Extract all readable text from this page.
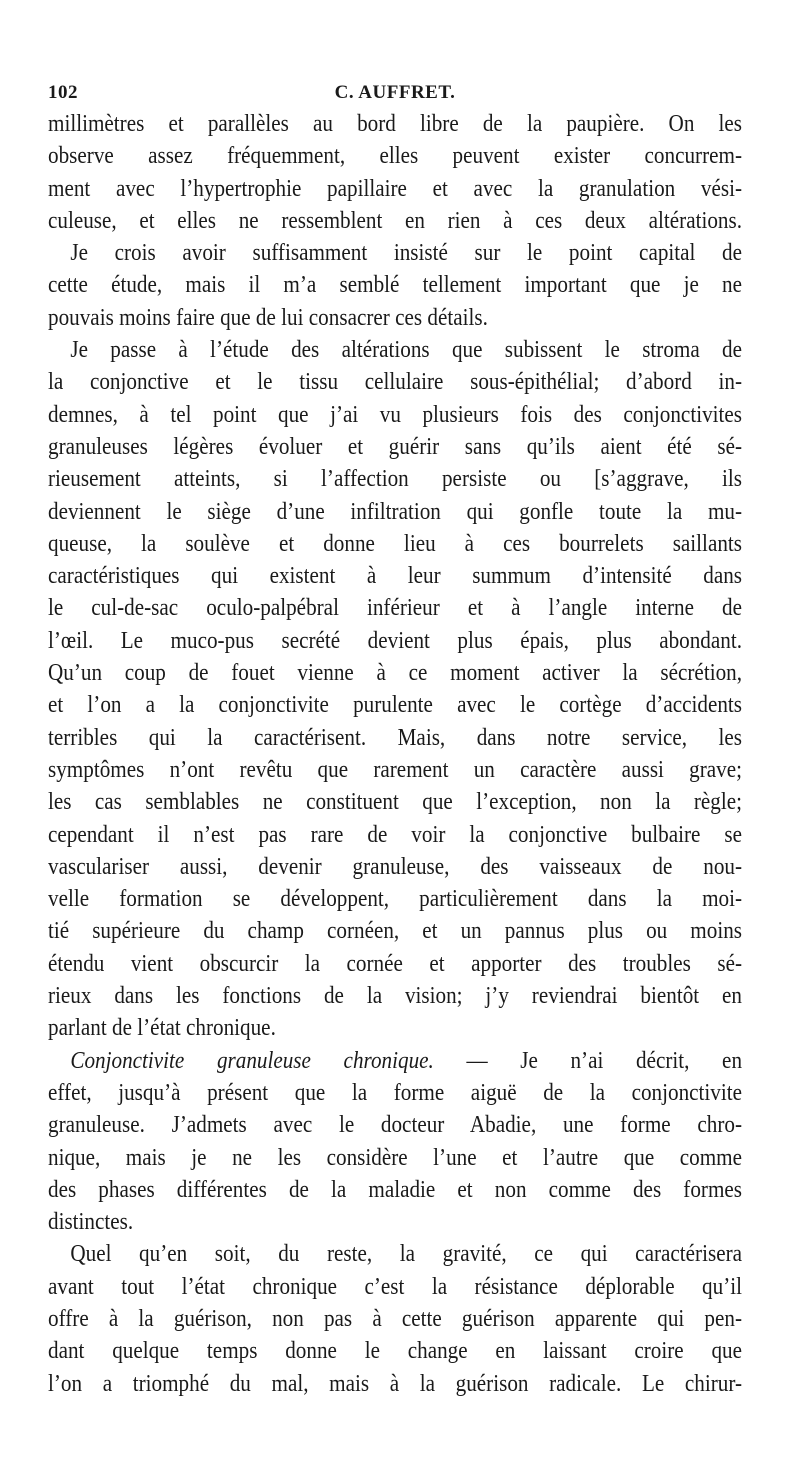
102	C. AUFFRET.
millimètres et parallèles au bord libre de la paupière. On les
observe assez fréquemment, elles peuvent exister concurrem-
ment avec l’hypertrophie papillaire et avec la granulation vési-
culeuse, et elles ne ressemblent en rien à ces deux altérations.
Je crois avoir suffisamment insisté sur le point capital de
cette étude, mais il m’a semblé tellement important que je ne
pouvais moins faire que de lui consacrer ces détails.
Je passe à l’étude des altérations que subissent le stroma de
la conjonctive et le tissu cellulaire sous-épithélial; d’abord in-
demnes, à tel point que j’ai vu plusieurs fois des conjonctivites
granuleuses légères évoluer et guérir sans qu’ils aient été sé-
rieusement atteints, si l’affection persiste ou [s’aggrave, ils
deviennent le siège d’une infiltration qui gonfle toute la mu-
queuse, la soulève et donne lieu à ces bourrelets saillants
caractéristiques qui existent à leur summum d’intensité dans
le cul-de-sac oculo-palpébral inférieur et à l’angle interne de
l’œil. Le muco-pus secrété devient plus épais, plus abondant.
Qu’un coup de fouet vienne à ce moment activer la sécrétion,
et l’on a la conjonctivite purulente avec le cortège d’accidents
terribles qui la caractérisent. Mais, dans notre service, les
symptômes n’ont revêtu que rarement un caractère aussi grave;
les cas semblables ne constituent que l’exception, non la règle;
cependant il n’est pas rare de voir la conjonctive bulbaire se
vasculariser aussi, devenir granuleuse, des vaisseaux de nou-
velle formation se développent, particulièrement dans la moi-
tié supérieure du champ cornéen, et un pannus plus ou moins
étendu vient obscurcir la cornée et apporter des troubles sé-
rieux dans les fonctions de la vision; j’y reviendrai bientôt en
parlant de l’état chronique.
Conjonctivite granuleuse chronique. — Je n’ai décrit, en
effet, jusqu’à présent que la forme aiguë de la conjonctivite
granuleuse. J’admets avec le docteur Abadie, une forme chro-
nique, mais je ne les considère l’une et l’autre que comme
des phases différentes de la maladie et non comme des formes
distinctes.
Quel qu’en soit, du reste, la gravité, ce qui caractérisera
avant tout l’état chronique c’est la résistance déplorable qu’il
offre à la guérison, non pas à cette guérison apparente qui pen-
dant quelque temps donne le change en laissant croire que
l’on a triomphé du mal, mais à la guérison radicale. Le chirur-
